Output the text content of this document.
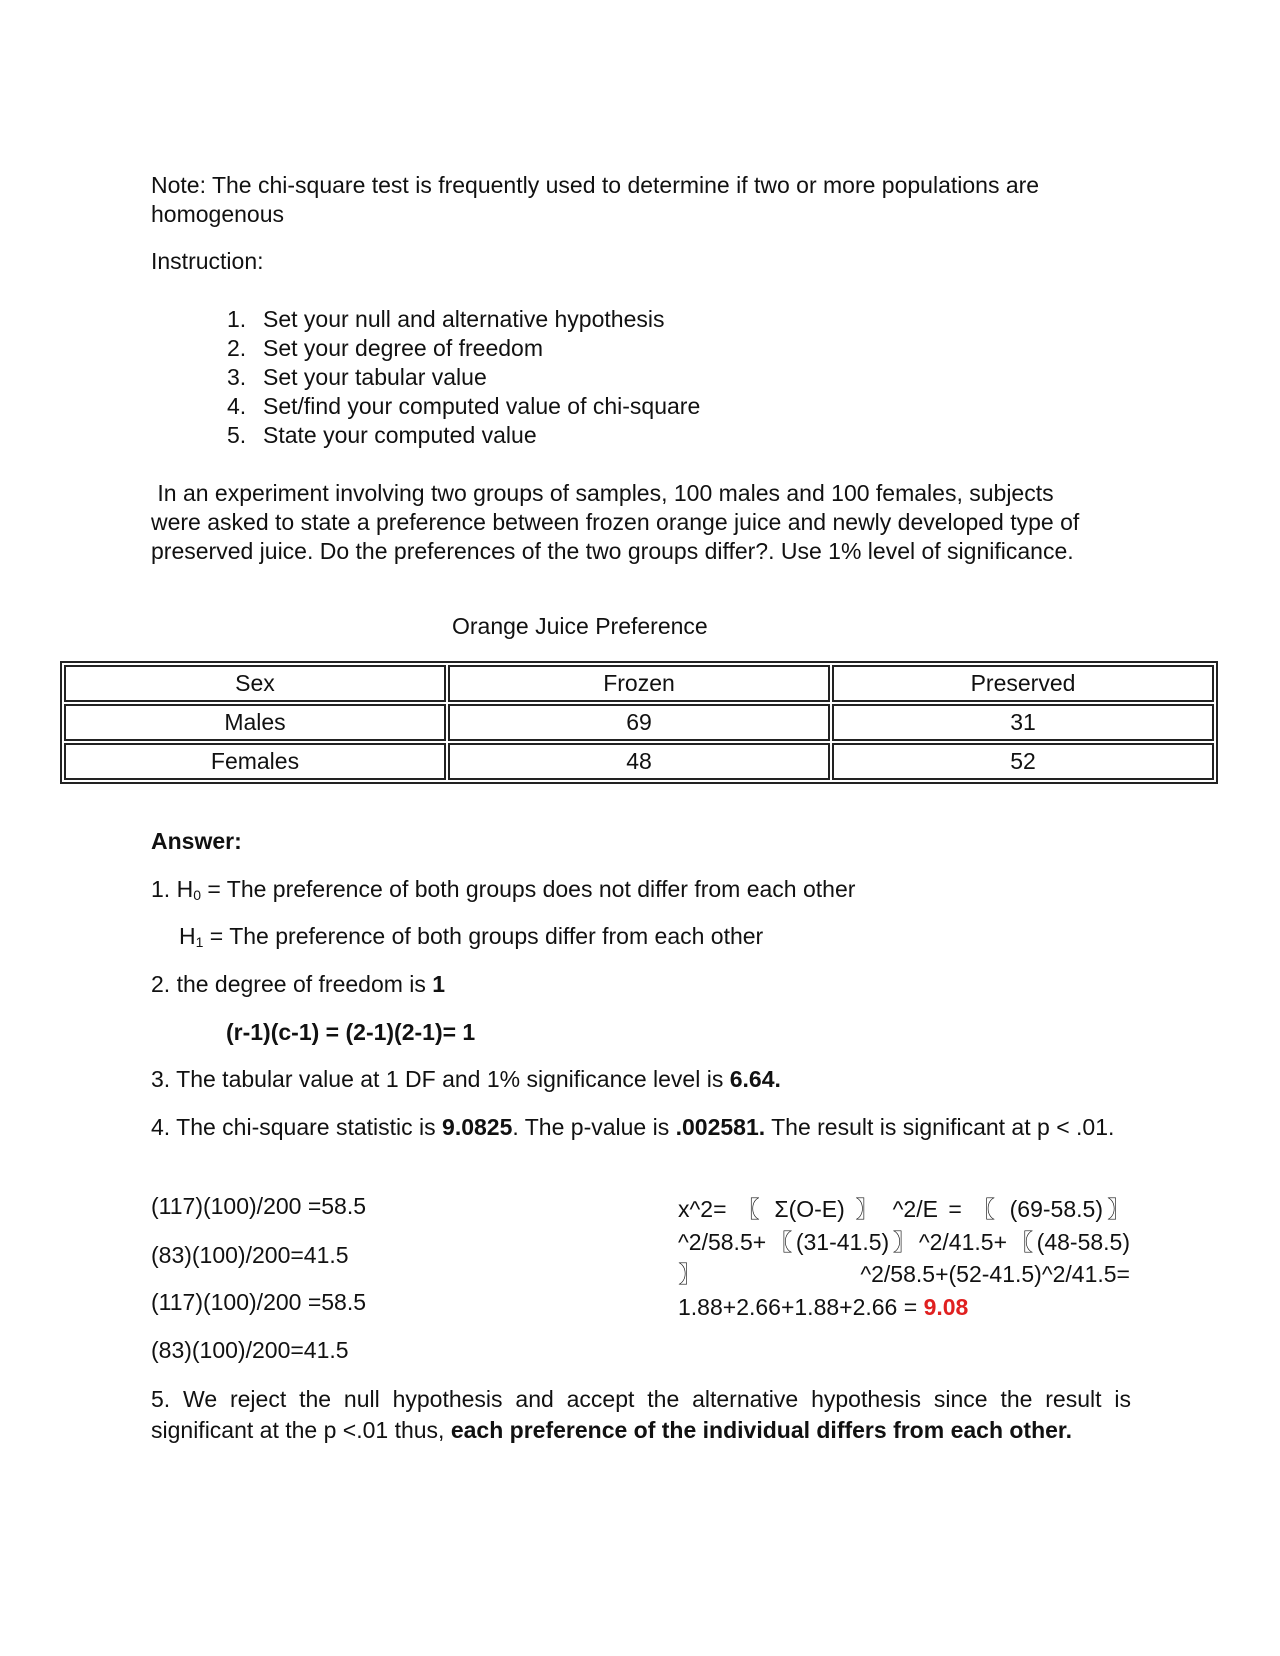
Note: The chi-square test is frequently used to determine if two or more populations are homogenous
Instruction:
1. Set your null and alternative hypothesis
2. Set your degree of freedom
3. Set your tabular value
4. Set/find your computed value of chi-square
5. State your computed value
In an experiment involving two groups of samples, 100 males and 100 females, subjects were asked to state a preference between frozen orange juice and newly developed type of preserved juice. Do the preferences of the two groups differ?. Use 1% level of significance.
Orange Juice Preference
Sex	Frozen	Preserved
Males	69	31
Females	48	52
Answer:
1. $H_0$ = The preference of both groups does not differ from each other
$H_1$ = The preference of both groups differ from each other
2. the degree of freedom is 1
(r-1)(c-1) = (2-1)(2-1)= 1
3. The tabular value at 1 DF and 1% significance level is 6.64.
4. The chi-square statistic is 9.0825. The p-value is .002581. The result is significant at p < .01.
(117)(100)/200 =58.5
(83)(100)/200=41.5
(117)(100)/200 =58.5
(83)(100)/200=41.5
x^2= 〖 Σ(O-E) 〗 ^2/E = 〖 (69-58.5)〗^2/58.5+〖(31-41.5)〗^2/41.5+〖(48-58.5) 〗 ^2/58.5+(52-41.5)^2/41.5= 1.88+2.66+1.88+2.66 = 9.08
5. We reject the null hypothesis and accept the alternative hypothesis since the result is significant at the p <.01 thus, each preference of the individual differs from each other.
